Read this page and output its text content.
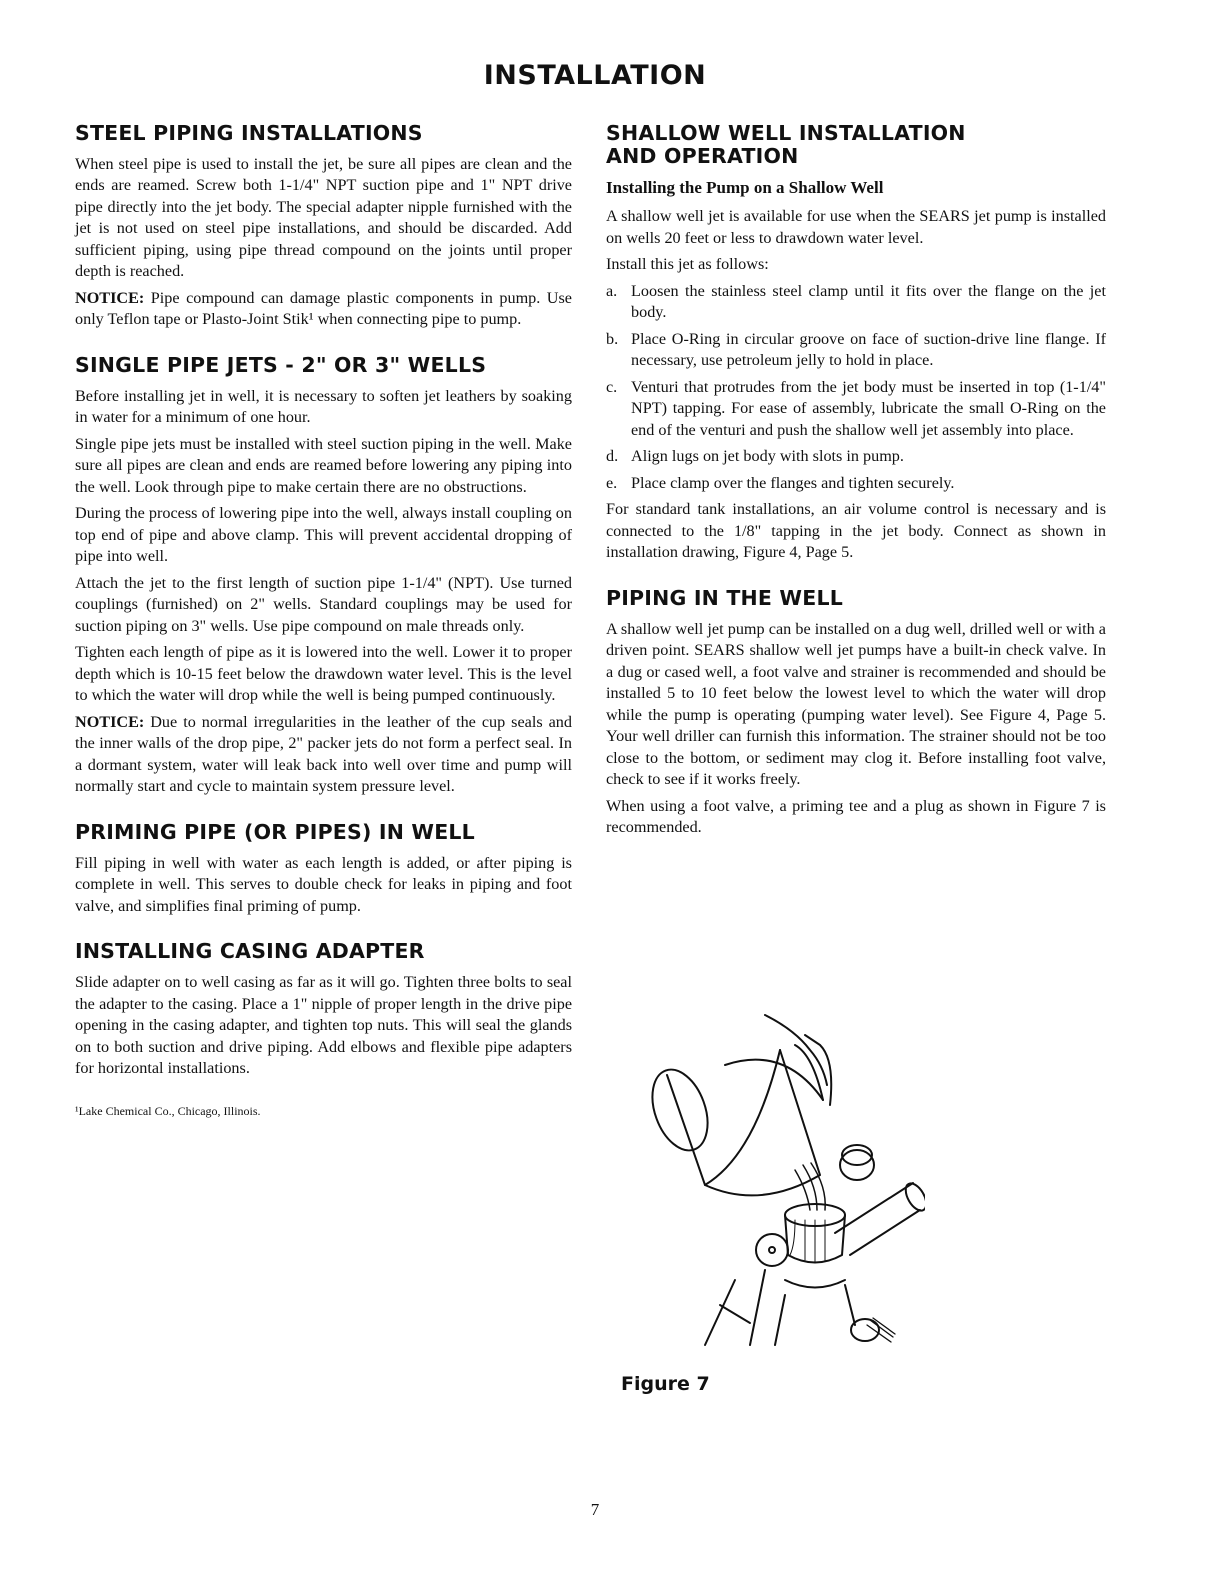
INSTALLATION
STEEL PIPING INSTALLATIONS

When steel pipe is used to install the jet, be sure all pipes are clean and the ends are reamed. Screw both 1-1/4" NPT suction pipe and 1" NPT drive pipe directly into the jet body. The special adapter nipple furnished with the jet is not used on steel pipe installations, and should be discarded. Add sufficient piping, using pipe thread compound on the joints until proper depth is reached.

NOTICE: Pipe compound can damage plastic components in pump. Use only Teflon tape or Plasto-Joint Stik¹ when connecting pipe to pump.

SINGLE PIPE JETS - 2" OR 3" WELLS

Before installing jet in well, it is necessary to soften jet leathers by soaking in water for a minimum of one hour.

Single pipe jets must be installed with steel suction piping in the well. Make sure all pipes are clean and ends are reamed before lowering any piping into the well. Look through pipe to make certain there are no obstructions.

During the process of lowering pipe into the well, always install coupling on top end of pipe and above clamp. This will prevent accidental dropping of pipe into well.

Attach the jet to the first length of suction pipe 1-1/4" (NPT). Use turned couplings (furnished) on 2" wells. Standard couplings may be used for suction piping on 3" wells. Use pipe compound on male threads only.

Tighten each length of pipe as it is lowered into the well. Lower it to proper depth which is 10-15 feet below the drawdown water level. This is the level to which the water will drop while the well is being pumped continuously.

NOTICE: Due to normal irregularities in the leather of the cup seals and the inner walls of the drop pipe, 2" packer jets do not form a perfect seal. In a dormant system, water will leak back into well over time and pump will normally start and cycle to maintain system pressure level.

PRIMING PIPE (OR PIPES) IN WELL

Fill piping in well with water as each length is added, or after piping is complete in well. This serves to double check for leaks in piping and foot valve, and simplifies final priming of pump.

INSTALLING CASING ADAPTER

Slide adapter on to well casing as far as it will go. Tighten three bolts to seal the adapter to the casing. Place a 1" nipple of proper length in the drive pipe opening in the casing adapter, and tighten top nuts. This will seal the glands on to both suction and drive piping. Add elbows and flexible pipe adapters for horizontal installations.

¹Lake Chemical Co., Chicago, Illinois.
SHALLOW WELL INSTALLATION
AND OPERATION
Installing the Pump on a Shallow Well

A shallow well jet is available for use when the SEARS jet pump is installed on wells 20 feet or less to drawdown water level.

Install this jet as follows:

a. Loosen the stainless steel clamp until it fits over the flange on the jet body.
b. Place O-Ring in circular groove on face of suction-drive line flange. If necessary, use petroleum jelly to hold in place.
c. Venturi that protrudes from the jet body must be inserted in top (1-1/4" NPT) tapping. For ease of assembly, lubricate the small O-Ring on the end of the venturi and push the shallow well jet assembly into place.
d. Align lugs on jet body with slots in pump.
e. Place clamp over the flanges and tighten securely.

For standard tank installations, an air volume control is necessary and is connected to the 1/8" tapping in the jet body. Connect as shown in installation drawing, Figure 4, Page 5.

PIPING IN THE WELL

A shallow well jet pump can be installed on a dug well, drilled well or with a driven point. SEARS shallow well jet pumps have a built-in check valve. In a dug or cased well, a foot valve and strainer is recommended and should be installed 5 to 10 feet below the lowest level to which the water will drop while the pump is operating (pumping water level). See Figure 4, Page 5. Your well driller can furnish this information. The strainer should not be too close to the bottom, or sediment may clog it. Before installing foot valve, check to see if it works freely.

When using a foot valve, a priming tee and a plug as shown in Figure 7 is recommended.

Figure 7
7
